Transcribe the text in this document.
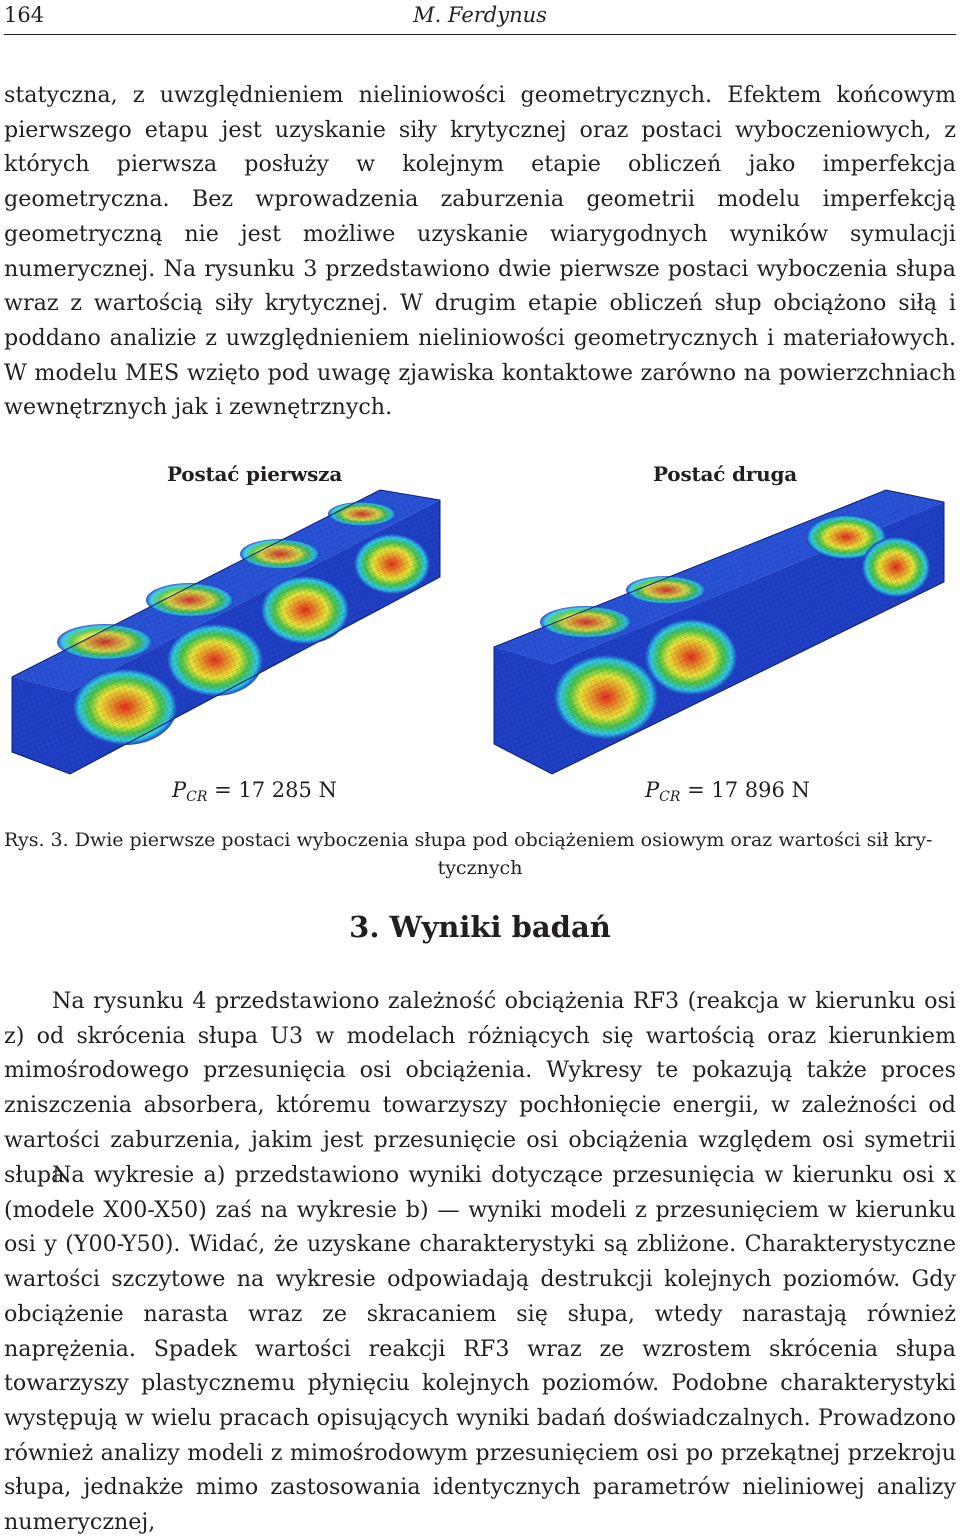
164	M. Ferdynus

statyczna, z uwzględnieniem nieliniowości geometrycznych. Efektem końcowym pierwszego etapu jest uzyskanie siły krytycznej oraz postaci wyboczeniowych, z których pierwsza posłuży w kolejnym etapie obliczeń jako imperfekcja geometryczna. Bez wprowadzenia zaburzenia geometrii modelu imperfekcją geometryczną nie jest możliwe uzyskanie wiarygodnych wyników symulacji numerycznej. Na rysunku 3 przedstawiono dwie pierwsze postaci wyboczenia słupa wraz z wartością siły krytycznej. W drugim etapie obliczeń słup obciążono siłą i poddano analizie z uwzględnieniem nieliniowości geometrycznych i materiałowych. W modelu MES wzięto pod uwagę zjawiska kontaktowe zarówno na powierzchniach wewnętrznych jak i zewnętrznych.

Postać pierwsza	Postać druga
$P_{CR} = 17$ 285 N	$P_{CR} = 17$ 896 N

Rys. 3. Dwie pierwsze postaci wyboczenia słupa pod obciążeniem osiowym oraz wartości sił kry-
tycznych

3. Wyniki badań

Na rysunku 4 przedstawiono zależność obciążenia RF3 (reakcja w kierunku osi z) od skrócenia słupa U3 w modelach różniących się wartością oraz kierunkiem mimośrodowego przesunięcia osi obciążenia. Wykresy te pokazują także proces zniszczenia absorbera, któremu towarzyszy pochłonięcie energii, w zależności od wartości zaburzenia, jakim jest przesunięcie osi obciążenia względem osi symetrii słupa.

Na wykresie a) przedstawiono wyniki dotyczące przesunięcia w kierunku osi x (modele X00-X50) zaś na wykresie b) — wyniki modeli z przesunięciem w kierunku osi y (Y00-Y50). Widać, że uzyskane charakterystyki są zbliżone. Charakterystyczne wartości szczytowe na wykresie odpowiadają destrukcji kolejnych poziomów. Gdy obciążenie narasta wraz ze skracaniem się słupa, wtedy narastają również naprężenia. Spadek wartości reakcji RF3 wraz ze wzrostem skrócenia słupa towarzyszy plastycznemu płynięciu kolejnych poziomów. Podobne charakterystyki występują w wielu pracach opisujących wyniki badań doświadczalnych. Prowadzono również analizy modeli z mimośrodowym przesunięciem osi po przekątnej przekroju słupa, jednakże mimo zastosowania identycznych parametrów nieliniowej analizy numerycznej,
